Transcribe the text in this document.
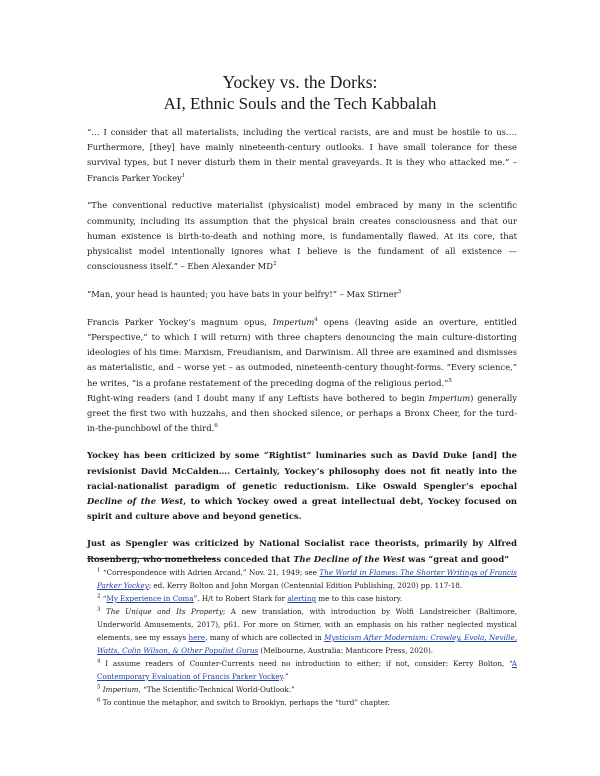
Yockey vs. the Dorks:
AI, Ethnic Souls and the Tech Kabbalah

“… I consider that all materialists, including the vertical racists, are and must be hostile to us…. Furthermore, [they] have mainly nineteenth-century outlooks. I have small tolerance for these survival types, but I never disturb them in their mental graveyards. It is they who attacked me.” – Francis Parker Yockey$^1$

“The conventional reductive materialist (physicalist) model embraced by many in the scientific community, including its assumption that the physical brain creates consciousness and that our human existence is birth-to-death and nothing more, is fundamentally flawed. At its core, that physicalist model intentionally ignores what I believe is the fundament of all existence — consciousness itself.” – Eben Alexander $MD^2$

“Man, your head is haunted; you have bats in your belfry!” – Max Stirner$^3$

Francis Parker Yockey’s magnum opus, Imperium$^4$ opens (leaving aside an overture, entitled “Perspective,” to which I will return) with three chapters denouncing the main culture-distorting ideologies of his time: Marxism, Freudianism, and Darwinism. All three are examined and dismisses as materialistic, and – worse yet – as outmoded, nineteenth-century thought-forms. “Every science,” he writes, “is a profane restatement of the preceding dogma of the religious period.”$^5$

Right-wing readers (and I doubt many if any Leftists have bothered to begin Imperium) generally greet the first two with huzzahs, and then shocked silence, or perhaps a Bronx Cheer, for the turd-in-the-punchbowl of the third.$^6$

Yockey has been criticized by some “Rightist” luminaries such as David Duke [and] the revisionist David McCalden…. Certainly, Yockey’s philosophy does not fit neatly into the racial-nationalist paradigm of genetic reductionism. Like Oswald Spengler’s epochal Decline of the West, to which Yockey owed a great intellectual debt, Yockey focused on spirit and culture above and beyond genetics.

Just as Spengler was criticized by National Socialist race theorists, primarily by Alfred Rosenberg, who nonetheless conceded that The Decline of the West was “great and good”

$^1$ “Correspondence with Adrien Arcand,” Nov. 21, 1949; see The World in Flames: The Shorter Writings of Francis Parker Yockey; ed. Kerry Bolton and John Morgan (Centennial Edition Publishing, 2020) pp. 117-18.

$^2$ “My Experience in Coma”. H/t to Robert Stark for alerting me to this case history.

$^3$ The Unique and Its Property; A new translation, with introduction by Wolfi Landstreicher (Baltimore, Underworld Amusements, 2017), p61. For more on Stirner, with an emphasis on his rather neglected mystical elements, see my essays here, many of which are collected in Mysticism After Modernism: Crowley, Evola, Neville, Watts, Colin Wilson, & Other Populist Gurus (Melbourne, Australia: Manticore Press, 2020).

$^4$ I assume readers of Counter-Currents need no introduction to either; if not, consider: Kerry Bolton, “A Contemporary Evaluation of Francis Parker Yockey.”

$^5$ Imperium, “The Scientific-Technical World-Outlook.”

$^6$ To continue the metaphor, and switch to Brooklyn, perhaps the “turd” chapter.
